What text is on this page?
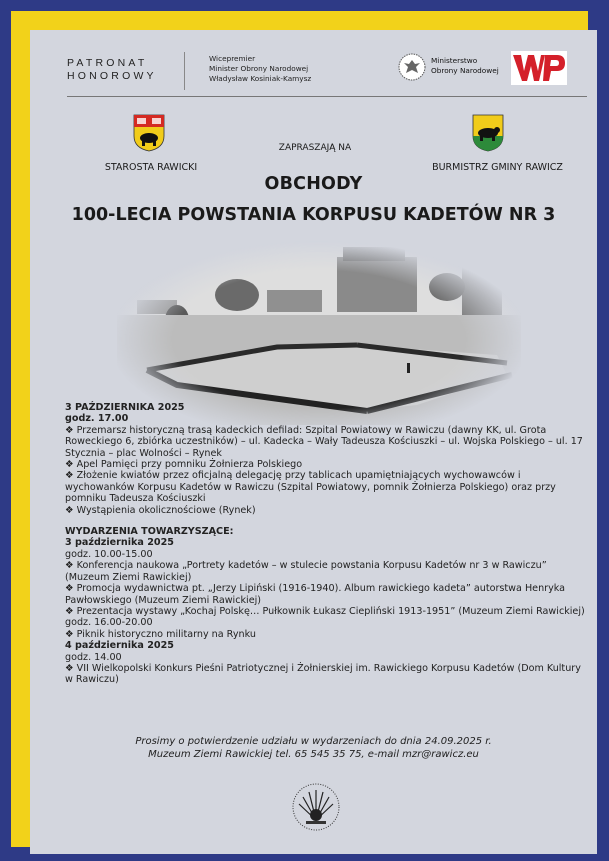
PATRONAT
HONOROWY
Wicepremier
Minister Obrony Narodowej
Władysław Kosiniak-Kamysz
Ministerstwo
Obrony Narodowej
ZAPRASZAJĄ NA
STAROSTA RAWICKI	BURMISTRZ GMINY RAWICZ
OBCHODY
100-LECIA POWSTANIA KORPUSU KADETÓW NR 3
3 PAŹDZIERNIKA 2025
godz. 17.00
❖ Przemarsz historyczną trasą kadeckich defilad: Szpital Powiatowy w Rawiczu (dawny KK, ul. Grota Roweckiego 6, zbiórka uczestników) – ul. Kadecka – Wały Tadeusza Kościuszki – ul. Wojska Polskiego – ul. 17 Stycznia – plac Wolności – Rynek
❖ Apel Pamięci przy pomniku Żołnierza Polskiego
❖ Złożenie kwiatów przez oficjalną delegację przy tablicach upamiętniających wychowawców i wychowanków Korpusu Kadetów w Rawiczu (Szpital Powiatowy, pomnik Żołnierza Polskiego) oraz przy pomniku Tadeusza Kościuszki
❖ Wystąpienia okolicznościowe (Rynek)
WYDARZENIA TOWARZYSZĄCE:
3 października 2025
godz. 10.00-15.00
❖ Konferencja naukowa „Portrety kadetów – w stulecie powstania Korpusu Kadetów nr 3 w Rawiczu” (Muzeum Ziemi Rawickiej)
❖ Promocja wydawnictwa pt. „Jerzy Lipiński (1916-1940). Album rawickiego kadeta” autorstwa Henryka Pawłowskiego (Muzeum Ziemi Rawickiej)
❖ Prezentacja wystawy „Kochaj Polskę… Pułkownik Łukasz Ciepliński 1913-1951” (Muzeum Ziemi Rawickiej)
godz. 16.00-20.00
❖ Piknik historyczno militarny na Rynku
4 października 2025
godz. 14.00
❖ VII Wielkopolski Konkurs Pieśni Patriotycznej i Żołnierskiej im. Rawickiego Korpusu Kadetów (Dom Kultury w Rawiczu)
Prosimy o potwierdzenie udziału w wydarzeniach do dnia 24.09.2025 r.
Muzeum Ziemi Rawickiej tel. 65 545 35 75, e-mail mzr@rawicz.eu
